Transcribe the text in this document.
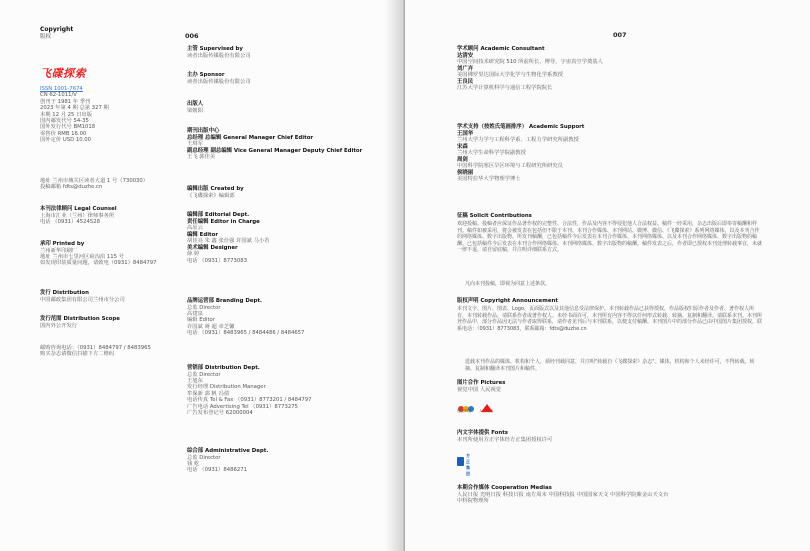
Copyright
版权	006
飞碟探索
ISSN 1001-7674
CN 62-1011/V
创刊于 1981 年 季刊
2023 年第 4 期 总第 327 期
本期 12 月 25 日出版
国内邮发代号 54-35
国外发行代号 BM1018
零售价 RMB 16.00
国外定价 USD 10.00
地址 兰州市城关区读者大道 1 号（730030）
投稿邮箱 fdts@duzhe.cn
本刊法律顾问 Legal Counsel
上海市汇业（兰州）律师事务所
电话 （0931）4524528
承印 Printed by
兰州新华印刷厂
地址 兰州市七里河区硷沟沿 115 号
如发现印装质量问题，请致电（0931）8484797
发行 Distribution
中国邮政集团有限公司兰州市分公司
发行范围 Distribution Scope
国内外公开发行
邮购咨询电话：（0931）8484797 / 8483965
购买杂志请微信扫描下方二维码
主管 Supervised by
读者出版传媒股份有限公司
主办 Sponsor
读者出版传媒股份有限公司
出版人
梁朝阳
期刊出版中心
总经理 总编辑 General Manager Chief Editor
王琪军
副总经理 副总编辑 Vice General Manager Deputy Chief Editor
王飞 郭佳美
编辑出版 Created by
《飞碟探索》编辑部
编辑部 Editorial Dept.
责任编辑 Editor in Charge
高原云
编辑 Editor
胡佳亮 朱 鑫 张仕强 许国斌 马小若
美术编辑 Designer
薛 婷
电话 （0931）8773083
品牌运营部 Branding Dept.
总监 Director
高建泉
编辑 Editor
许国斌 蒋 超 章芝馨
电话 （0931）8483965 / 8484486 / 8484657
营销部 Distribution Dept.
总监 Director
王旭东
发行经理 Distribution Manager
牟保新 郭 帆 冯倩
电话传真 Tel & Fax （0931）8773201 / 8484797
广告电话 Advertising Tel （0931）8773275
广告发布登记号 62000004
综合部 Administrative Dept.
总监 Director
钱 屹
电话 （0931）8486271
007
学术顾问 Academic Consultant
达清安
中国空间技术研究院 510 所前所长、博导，宇宙真空学奠基人
刘广卉
美国佛罗里达国际大学化学与生物化学系教授
王良民
江苏大学计算机科学与通信工程学院院长
学术支持（按姓氏笔画排序） Academic Support
王国华
兰州大学力学与工程科学系、工程力学研究所副教授
宋森
兰州大学生命科学学院副教授
周剑
中国科学院寒区旱区环境与工程研究所研究员
侯晓丽
美国特拉华大学物理学博士
征稿 Solicit Contributions
欢迎投稿。投稿者应保证作品著作权的完整性、合法性，作品及内容不得侵犯他人合法权益。稿件一经采用，杂志出版后即奉寄稿酬和样刊。稿件如被采用，将会被发表在包括但不限于本刊、本刊合作媒体、本刊网站、微博、微信、《飞碟探索》系列网络媒体，以及本刊合作的网络媒体、数字出版物。所发刊稿酬，已包括稿件今后发表在本刊合作媒体、本刊网络媒体、以及本刊合作网络媒体、数字出版物的稿酬。已包括稿件今后发表在本刊合作网络媒体、本刊网络媒体、数字出版物的稿酬。稿件发表之后，作者即已授权本刊处理转载事宜，未就一律不退，请自留底稿，并注明详细联系方式。
凡向本刊投稿，即视为同意上述条款。
版权声明 Copyright Announcement
本刊文字、图片、图表、Logo、页面版式以及其他信息受法律保护。本刊转载作品已获得授权，作品版权归原作者及作者、著作权人所有，本刊转载作品，请联系作者或著作权人。未经书面许可，本刊所有内容不得以任何形式转载、转摘、复制和翻译。请联系本刊。本刊所登作品中，部分作品因无法与作者取得联系，请作者见刊后与本刊联系，以便支付稿酬。本刊图片中的部分作品已由中国图片集团授权。联系电话：（0931）8773083，联系邮箱：fdts@duzhe.cn
选载本刊作品的媒体、机构和个人，须经刊载同意，并注明"转载自《飞碟探索》杂志"。媒体、机构和个人未经许可，不得转载、转摘、复制和翻译本刊图片和稿件。
图片合作 Pictures
视觉中国 人民视觉
视觉中国 人民视觉
内文字体提供 Fonts
本刊所使用方正字体经方正集团授权许可
方正集团
本期合作媒体 Cooperation Medias
人民日报 光明日报 科技日报 南方周末 中国科技报 中国国家天文 中国科学院紫金山天文台
中科院物理所
